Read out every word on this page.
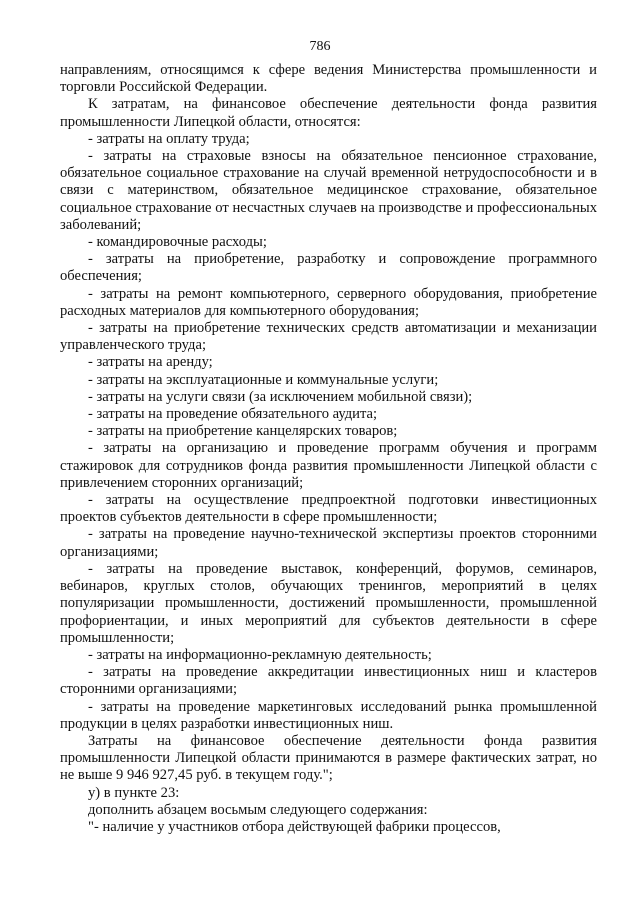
786

направлениям, относящимся к сфере ведения Министерства промышленности и торговли Российской Федерации.

К затратам, на финансовое обеспечение деятельности фонда развития промышленности Липецкой области, относятся:

- затраты на оплату труда;

- затраты на страховые взносы на обязательное пенсионное страхование, обязательное социальное страхование на случай временной нетрудоспособности и в связи с материнством, обязательное медицинское страхование, обязательное социальное страхование от несчастных случаев на производстве и профессиональных заболеваний;

- командировочные расходы;

- затраты на приобретение, разработку и сопровождение программного обеспечения;

- затраты на ремонт компьютерного, серверного оборудования, приобретение расходных материалов для компьютерного оборудования;

- затраты на приобретение технических средств автоматизации и механизации управленческого труда;

- затраты на аренду;

- затраты на эксплуатационные и коммунальные услуги;

- затраты на услуги связи (за исключением мобильной связи);

- затраты на проведение обязательного аудита;

- затраты на приобретение канцелярских товаров;

- затраты на организацию и проведение программ обучения и программ стажировок для сотрудников фонда развития промышленности Липецкой области с привлечением сторонних организаций;

- затраты на осуществление предпроектной подготовки инвестиционных проектов субъектов деятельности в сфере промышленности;

- затраты на проведение научно-технической экспертизы проектов сторонними организациями;

- затраты на проведение выставок, конференций, форумов, семинаров, вебинаров, круглых столов, обучающих тренингов, мероприятий в целях популяризации промышленности, достижений промышленности, промышленной профориентации, и иных мероприятий для субъектов деятельности в сфере промышленности;

- затраты на информационно-рекламную деятельность;

- затраты на проведение аккредитации инвестиционных ниш и кластеров сторонними организациями;

- затраты на проведение маркетинговых исследований рынка промышленной продукции в целях разработки инвестиционных ниш.

Затраты на финансовое обеспечение деятельности фонда развития промышленности Липецкой области принимаются в размере фактических затрат, но не выше 9 946 927,45 руб. в текущем году.";

у) в пункте 23:

дополнить абзацем восьмым следующего содержания:

"- наличие у участников отбора действующей фабрики процессов,
